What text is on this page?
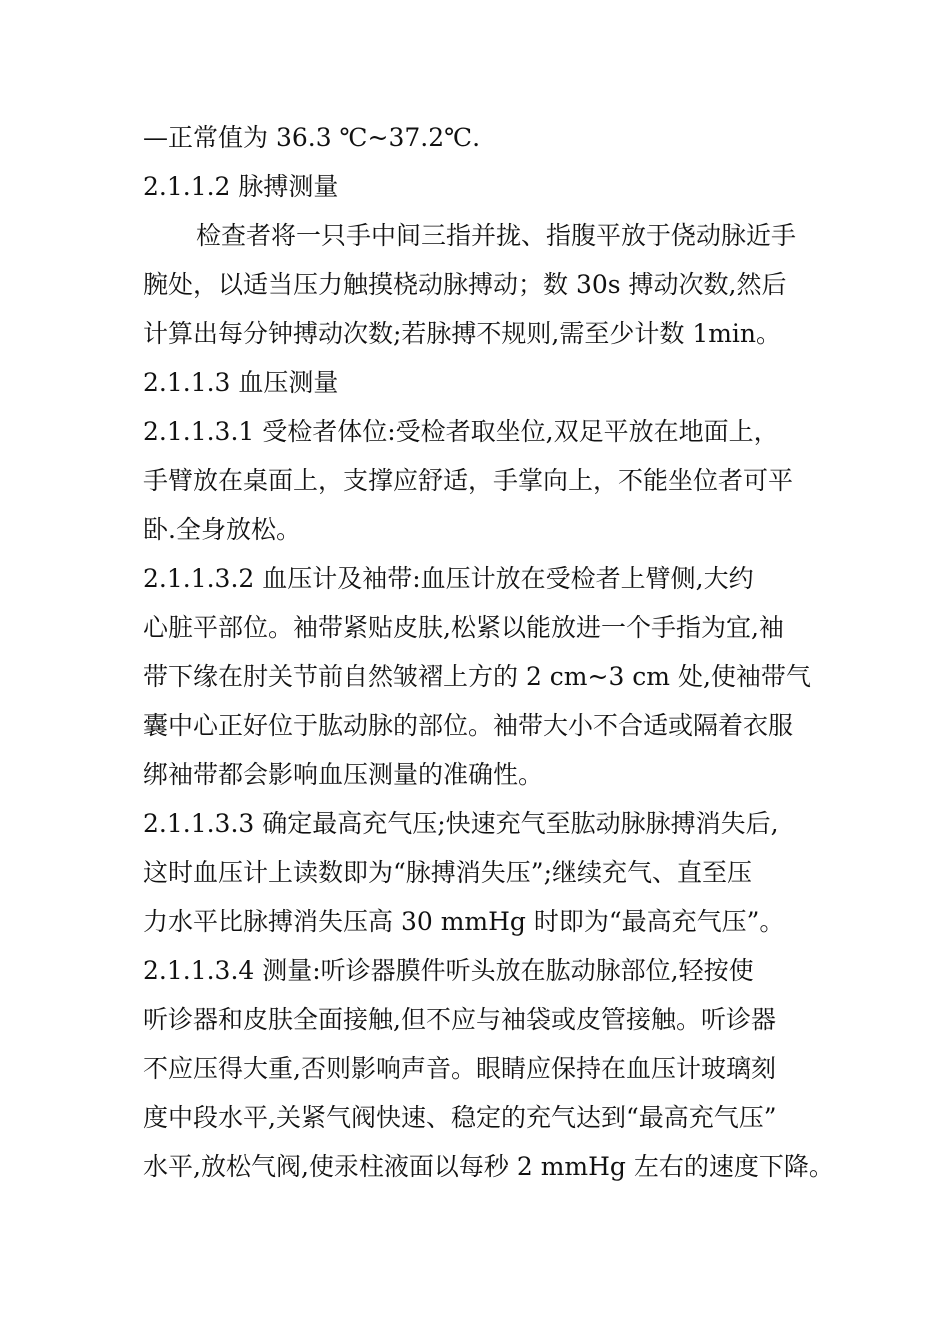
—正常值为 36.3 ℃~37.2℃.
2.1.1.2 脉搏测量
检查者将一只手中间三指并拢、指腹平放于侥动脉近手
腕处，以适当压力触摸桡动脉搏动；数 30s 搏动次数,然后
计算出每分钟搏动次数;若脉搏不规则,需至少计数 1min。
2.1.1.3 血压测量
2.1.1.3.1 受检者体位:受检者取坐位,双足平放在地面上，
手臂放在桌面上，支撑应舒适，手掌向上，不能坐位者可平
卧.全身放松。
2.1.1.3.2 血压计及袖带:血压计放在受检者上臂侧,大约
心脏平部位。袖带紧贴皮肤,松紧以能放进一个手指为宜,袖
带下缘在肘关节前自然皱褶上方的 2 cm~3 cm 处,使袖带气
囊中心正好位于肱动脉的部位。袖带大小不合适或隔着衣服
绑袖带都会影响血压测量的准确性。
2.1.1.3.3 确定最高充气压;快速充气至肱动脉脉搏消失后,
这时血压计上读数即为“脉搏消失压”;继续充气、直至压
力水平比脉搏消失压高 30 mmHg 时即为“最高充气压”。
2.1.1.3.4 测量:听诊器膜件听头放在肱动脉部位,轻按使
听诊器和皮肤全面接触,但不应与袖袋或皮管接触。听诊器
不应压得大重,否则影响声音。眼睛应保持在血压计玻璃刻
度中段水平,关紧气阀快速、稳定的充气达到“最高充气压”
水平,放松气阀,使汞柱液面以每秒 2 mmHg 左右的速度下降。
